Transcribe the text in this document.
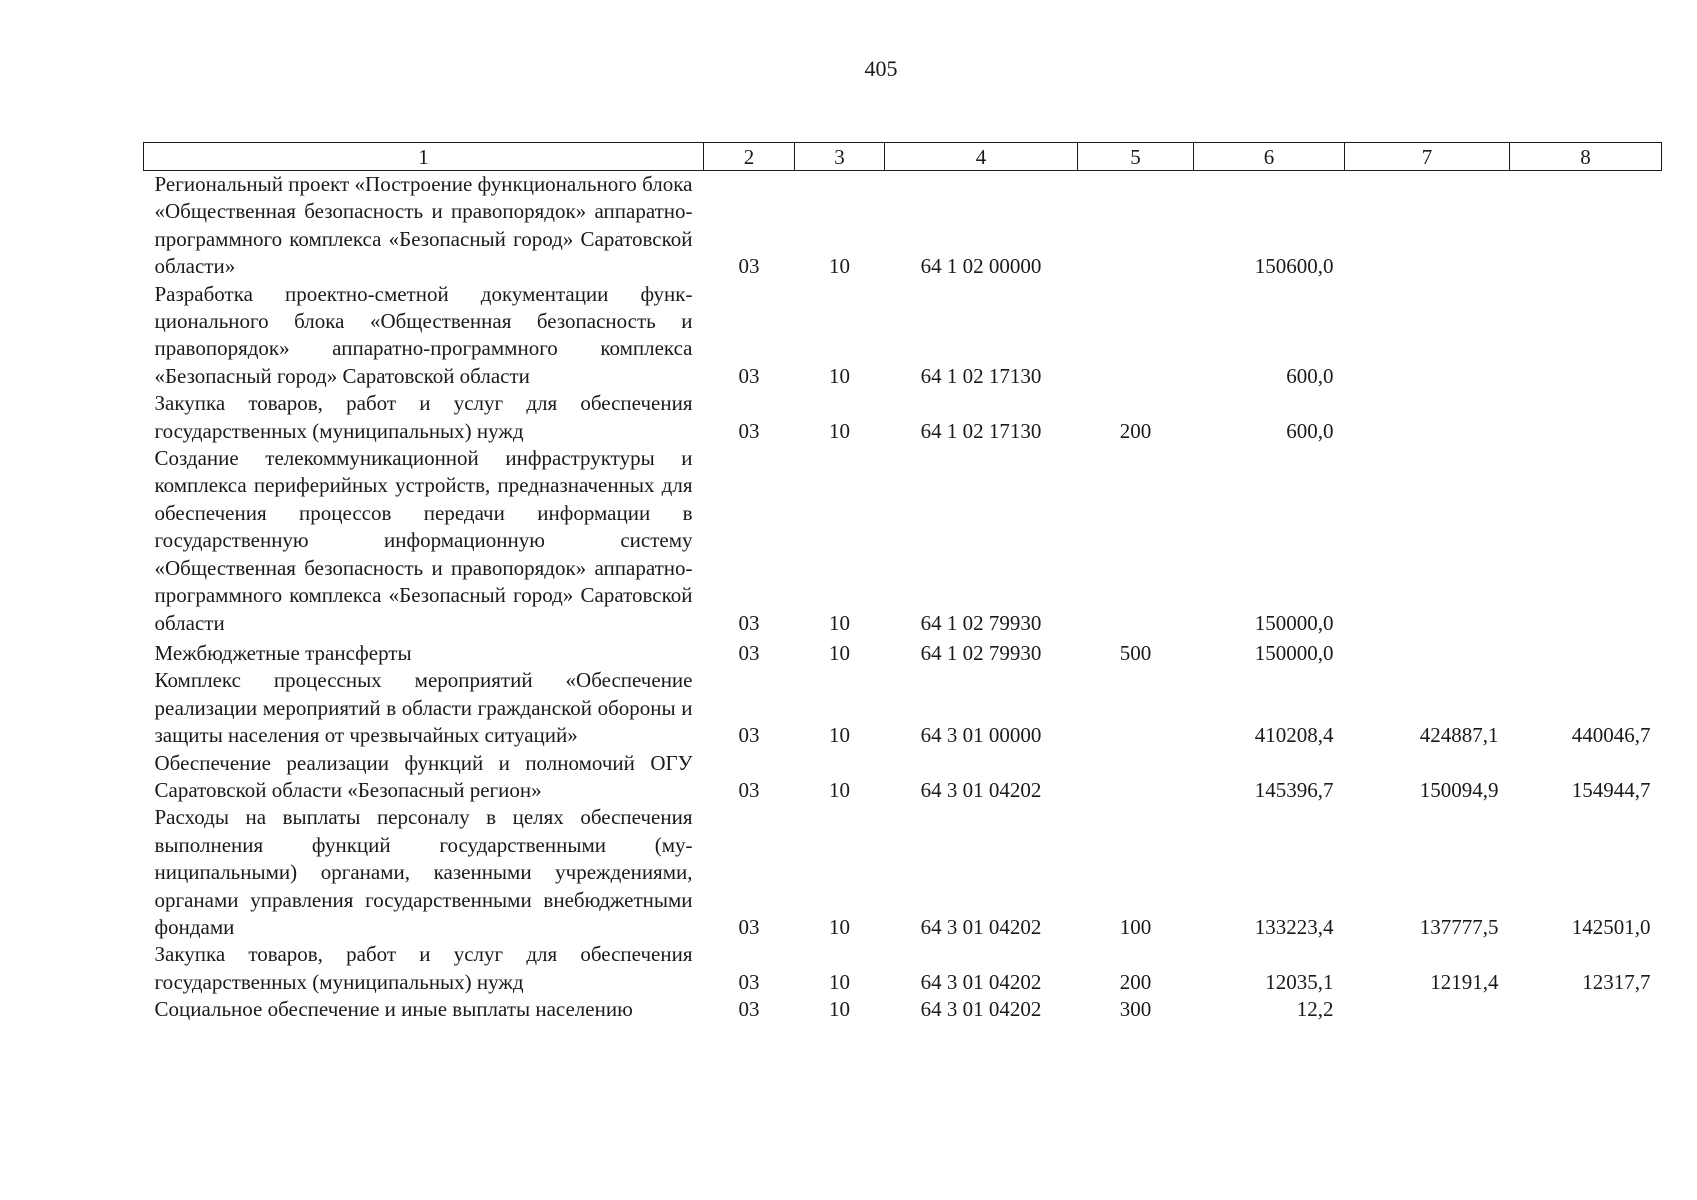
405
1	2	3	4	5	6	7	8
Региональный проект «Построение функционального блока «Общественная безопасность и правопорядок» аппаратно-программного комплекса «Безопасный город» Саратовской области»	03	10	64 1 02 00000		150600,0		
Разработка проектно-сметной документации функционального блока «Общественная безопасность и правопорядок» аппаратно-программного комплекса «Безопасный город» Саратовской области	03	10	64 1 02 17130		600,0		
Закупка товаров, работ и услуг для обеспечения государственных (муниципальных) нужд	03	10	64 1 02 17130	200	600,0		
Создание телекоммуникационной инфраструктуры и комплекса периферийных устройств, предназначенных для обеспечения процессов передачи информации в государственную информационную систему «Общественная безопасность и правопорядок» аппаратно-программного комплекса «Безопасный город» Саратовской области	03	10	64 1 02 79930		150000,0		
Межбюджетные трансферты	03	10	64 1 02 79930	500	150000,0		
Комплекс процессных мероприятий «Обеспечение реализации мероприятий в области гражданской обороны и защиты населения от чрезвычайных ситуаций»	03	10	64 3 01 00000		410208,4	424887,1	440046,7
Обеспечение реализации функций и полномочий ОГУ Саратовской области «Безопасный регион»	03	10	64 3 01 04202		145396,7	150094,9	154944,7
Расходы на выплаты персоналу в целях обеспечения выполнения функций государственными (муниципальными) органами, казенными учреждениями, органами управления государственными внебюджетными фондами	03	10	64 3 01 04202	100	133223,4	137777,5	142501,0
Закупка товаров, работ и услуг для обеспечения государственных (муниципальных) нужд	03	10	64 3 01 04202	200	12035,1	12191,4	12317,7
Социальное обеспечение и иные выплаты населению	03	10	64 3 01 04202	300	12,2		
